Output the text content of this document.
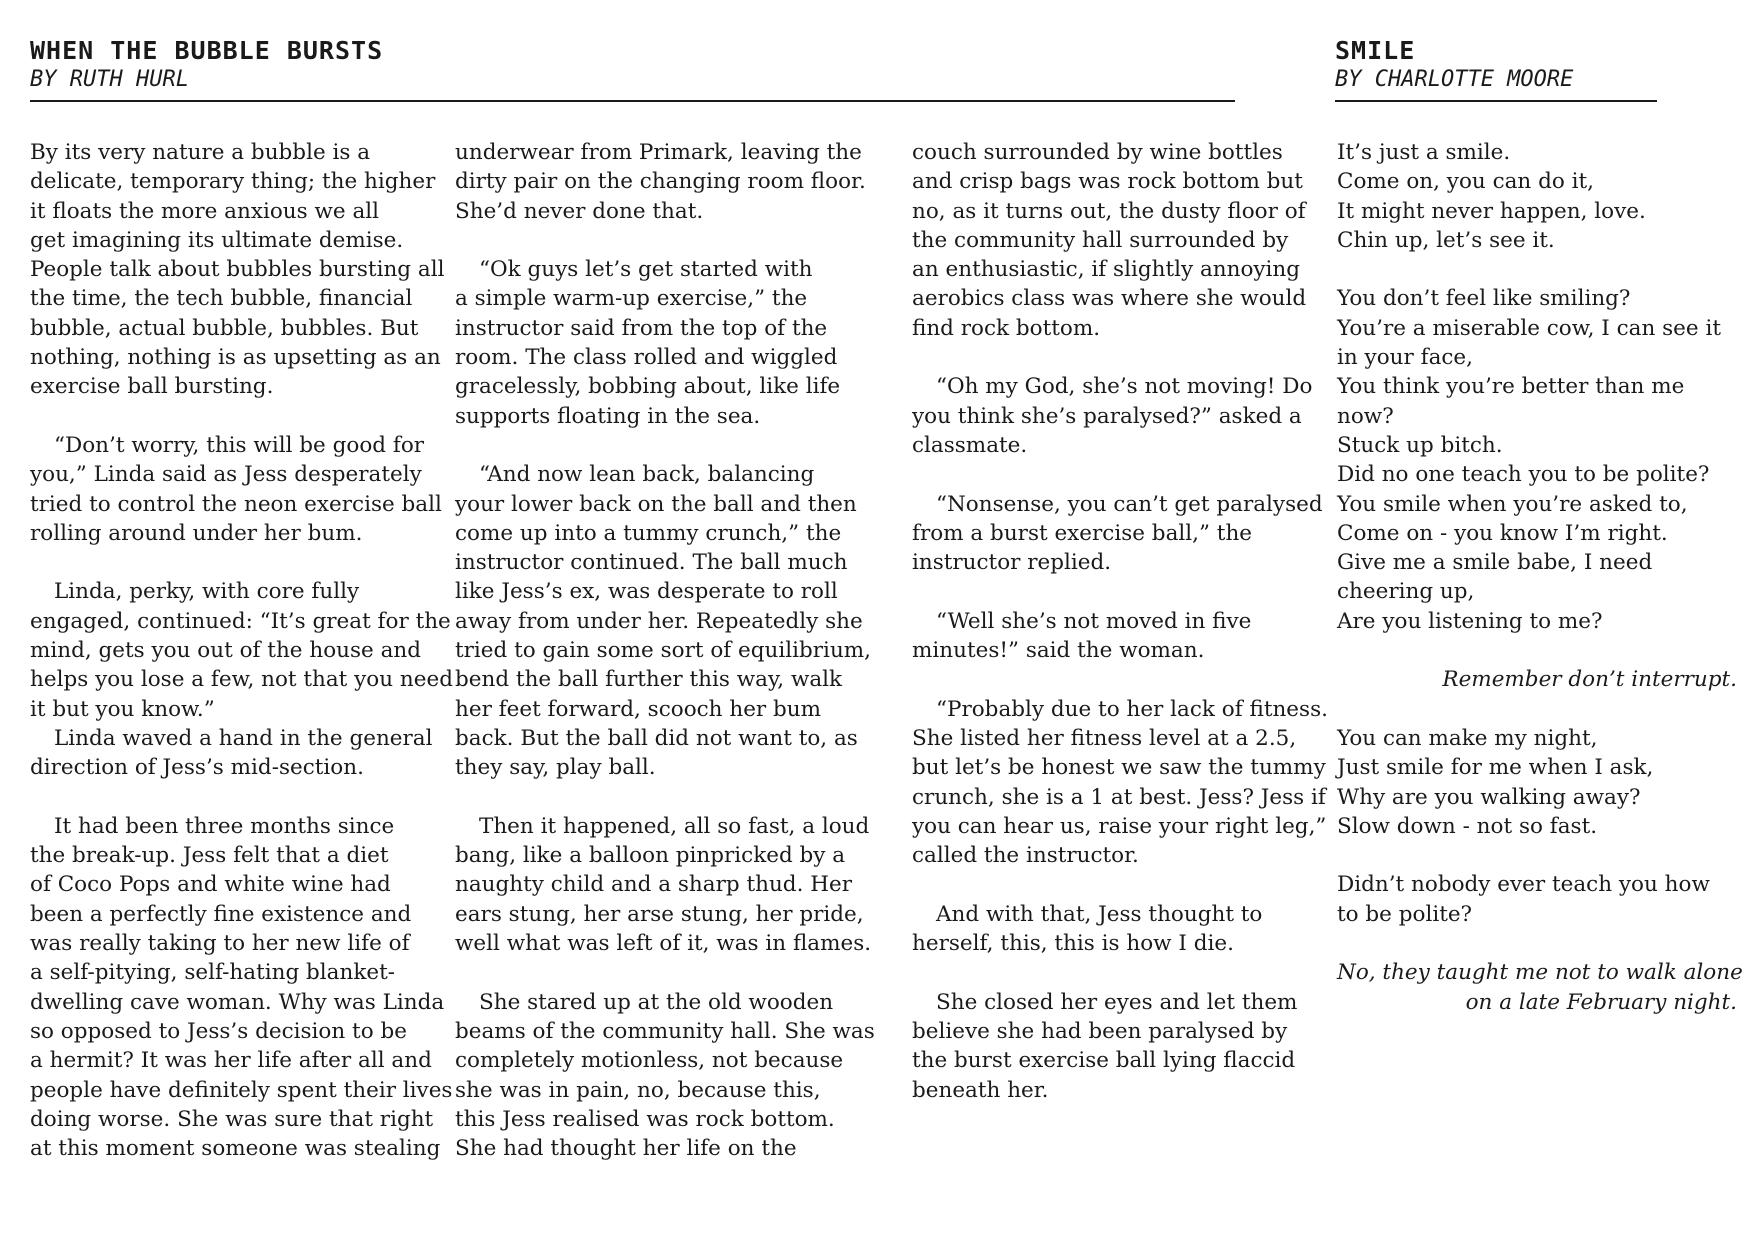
WHEN THE BUBBLE BURSTS
BY RUTH HURL
SMILE
BY CHARLOTTE MOORE
By its very nature a bubble is a
delicate, temporary thing; the higher
it floats the more anxious we all
get imagining its ultimate demise.
People talk about bubbles bursting all
the time, the tech bubble, financial
bubble, actual bubble, bubbles. But
nothing, nothing is as upsetting as an
exercise ball bursting.
“Don’t worry, this will be good for
you,” Linda said as Jess desperately
tried to control the neon exercise ball
rolling around under her bum.
Linda, perky, with core fully
engaged, continued: “It’s great for the
mind, gets you out of the house and
helps you lose a few, not that you need
it but you know.”
Linda waved a hand in the general
direction of Jess’s mid-section.
It had been three months since
the break-up. Jess felt that a diet
of Coco Pops and white wine had
been a perfectly fine existence and
was really taking to her new life of
a self-pitying, self-hating blanket-
dwelling cave woman. Why was Linda
so opposed to Jess’s decision to be
a hermit? It was her life after all and
people have definitely spent their lives
doing worse. She was sure that right
at this moment someone was stealing
underwear from Primark, leaving the
dirty pair on the changing room floor.
She’d never done that.
“Ok guys let’s get started with
a simple warm-up exercise,” the
instructor said from the top of the
room. The class rolled and wiggled
gracelessly, bobbing about, like life
supports floating in the sea.
“And now lean back, balancing
your lower back on the ball and then
come up into a tummy crunch,” the
instructor continued. The ball much
like Jess’s ex, was desperate to roll
away from under her. Repeatedly she
tried to gain some sort of equilibrium,
bend the ball further this way, walk
her feet forward, scooch her bum
back. But the ball did not want to, as
they say, play ball.
Then it happened, all so fast, a loud
bang, like a balloon pinpricked by a
naughty child and a sharp thud. Her
ears stung, her arse stung, her pride,
well what was left of it, was in flames.
She stared up at the old wooden
beams of the community hall. She was
completely motionless, not because
she was in pain, no, because this,
this Jess realised was rock bottom.
She had thought her life on the
couch surrounded by wine bottles
and crisp bags was rock bottom but
no, as it turns out, the dusty floor of
the community hall surrounded by
an enthusiastic, if slightly annoying
aerobics class was where she would
find rock bottom.
“Oh my God, she’s not moving! Do
you think she’s paralysed?” asked a
classmate.
“Nonsense, you can’t get paralysed
from a burst exercise ball,” the
instructor replied.
“Well she’s not moved in five
minutes!” said the woman.
“Probably due to her lack of fitness.
She listed her fitness level at a 2.5,
but let’s be honest we saw the tummy
crunch, she is a 1 at best. Jess? Jess if
you can hear us, raise your right leg,”
called the instructor.
And with that, Jess thought to
herself, this, this is how I die.
She closed her eyes and let them
believe she had been paralysed by
the burst exercise ball lying flaccid
beneath her.
It’s just a smile.
Come on, you can do it,
It might never happen, love.
Chin up, let’s see it.
You don’t feel like smiling?
You’re a miserable cow, I can see it
in your face,
You think you’re better than me
now?
Stuck up bitch.
Did no one teach you to be polite?
You smile when you’re asked to,
Come on - you know I’m right.
Give me a smile babe, I need
cheering up,
Are you listening to me?
Remember don’t interrupt.
You can make my night,
Just smile for me when I ask,
Why are you walking away?
Slow down - not so fast.
Didn’t nobody ever teach you how
to be polite?
No, they taught me not to walk alone
on a late February night.
